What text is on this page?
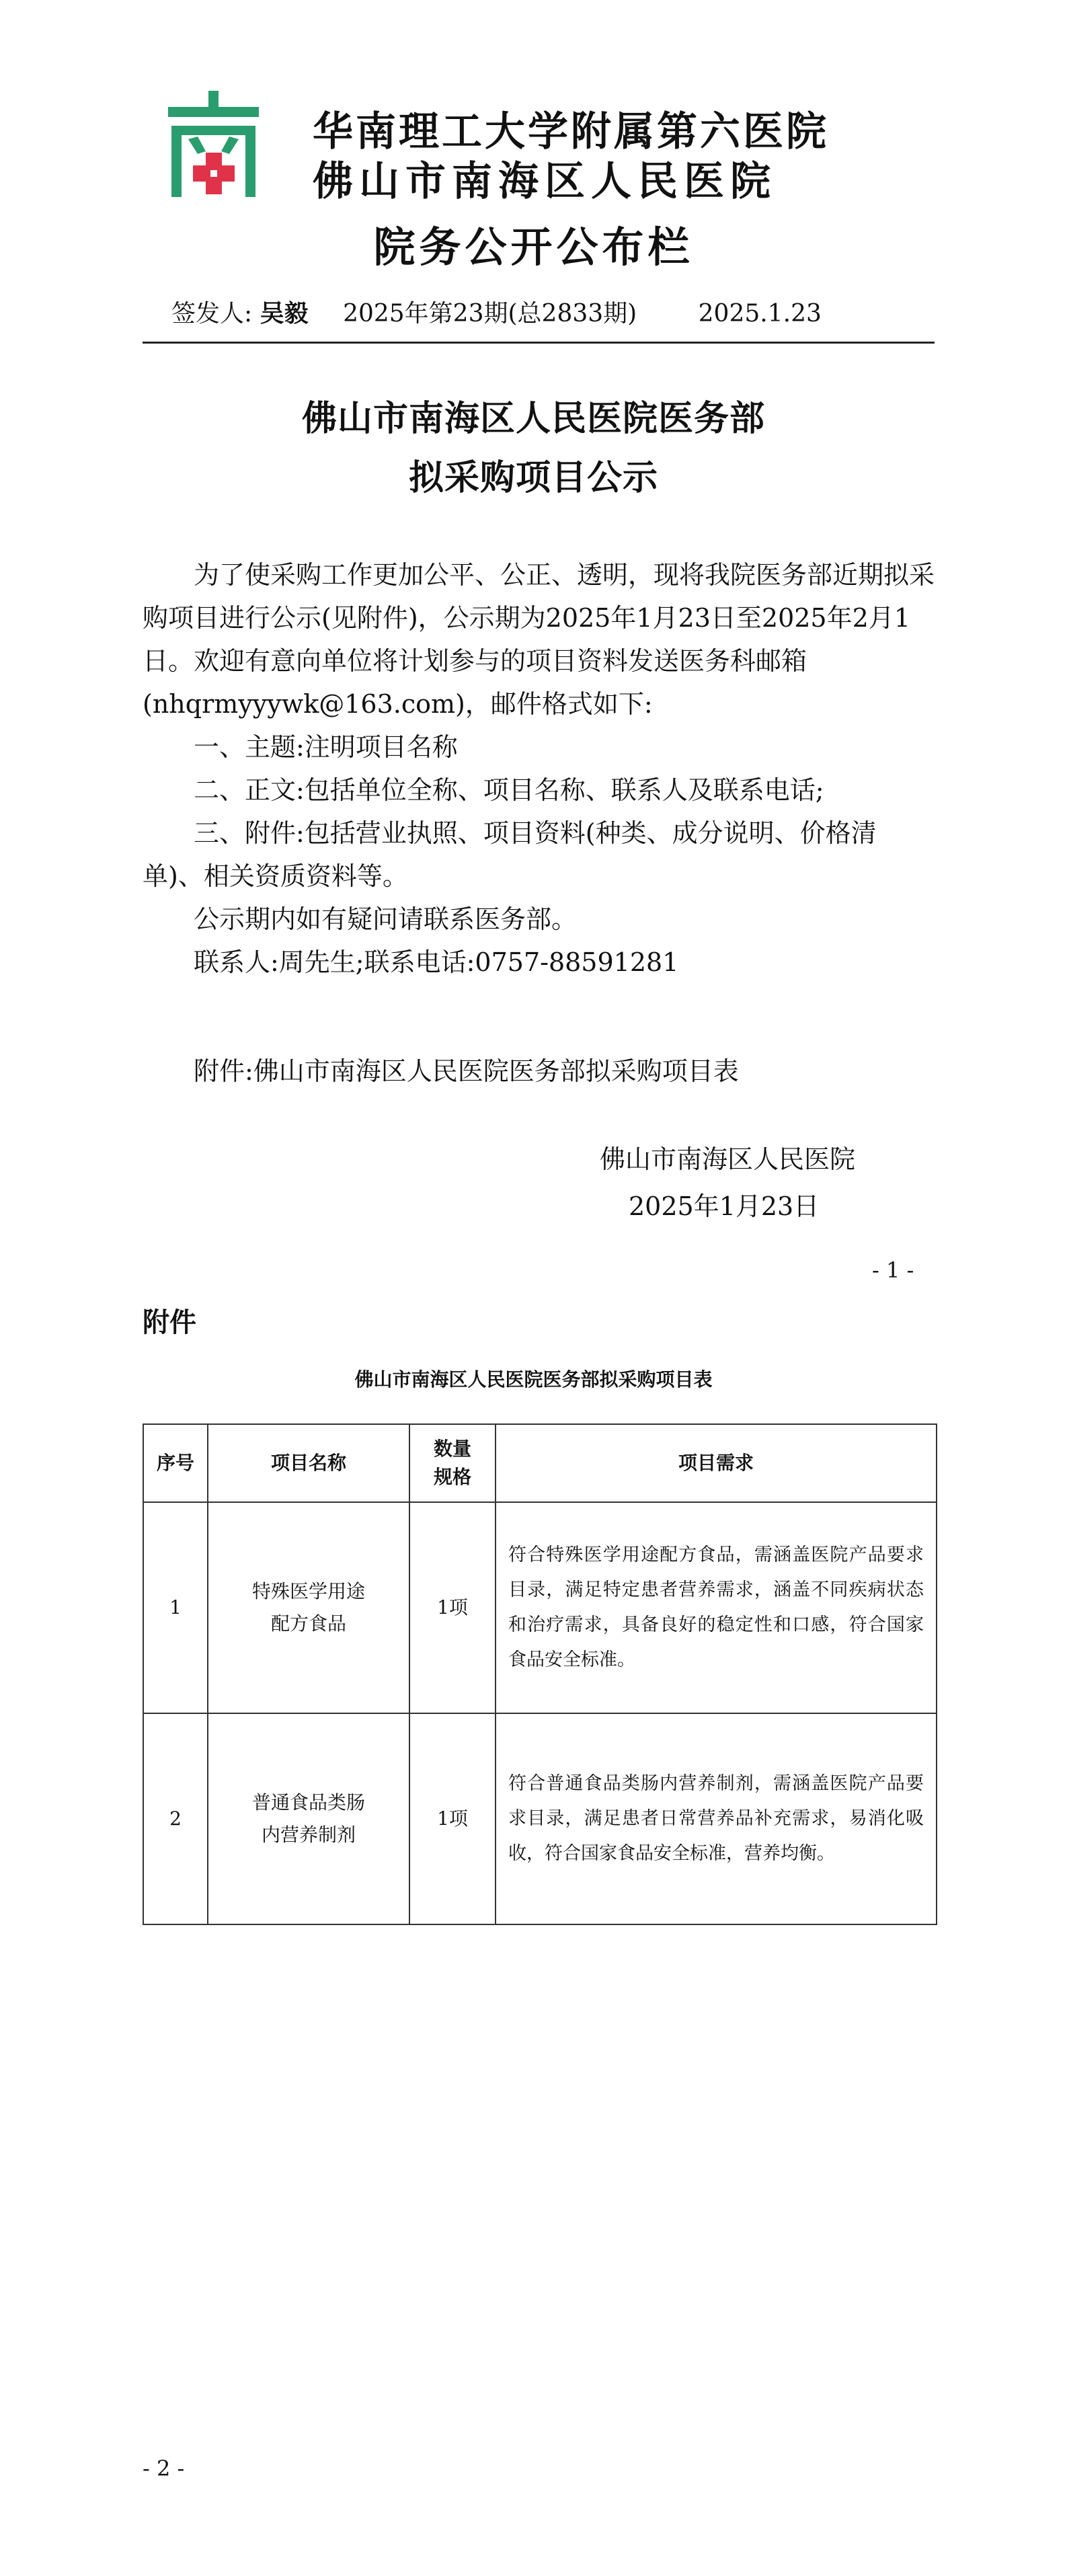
华南理工大学附属第六医院
佛山市南海区人民医院
院务公开公布栏
签发人: 吴毅 2025年第23期(总2833期)	2025.1.23
佛山市南海区人民医院医务部
拟采购项目公示

为了使采购工作更加公平、公正、透明，现将我院医务部近期拟采购项目进行公示(见附件)，公示期为2025年1月23日至2025年2月1日。欢迎有意向单位将计划参与的项目资料发送医务科邮箱(nhqrmyyywk@163.com)，邮件格式如下:

一、主题:注明项目名称

二、正文:包括单位全称、项目名称、联系人及联系电话;

三、附件:包括营业执照、项目资料(种类、成分说明、价格清单)、相关资质资料等。

公示期内如有疑问请联系医务部。

联系人:周先生;联系电话:0757-88591281

附件:佛山市南海区人民医院医务部拟采购项目表
佛山市南海区人民医院
2025年1月23日
- 1 -
附件
佛山市南海区人民医院医务部拟采购项目表
序号	项目名称	数量规格	项目需求
1	特殊医学用途配方食品	1项	符合特殊医学用途配方食品，需涵盖医院产品要求目录，满足特定患者营养需求，涵盖不同疾病状态和治疗需求，具备良好的稳定性和口感，符合国家食品安全标准。
2	普通食品类肠内营养制剂	1项	符合普通食品类肠内营养制剂，需涵盖医院产品要求目录，满足患者日常营养品补充需求，易消化吸收，符合国家食品安全标准，营养均衡。
- 2 -
